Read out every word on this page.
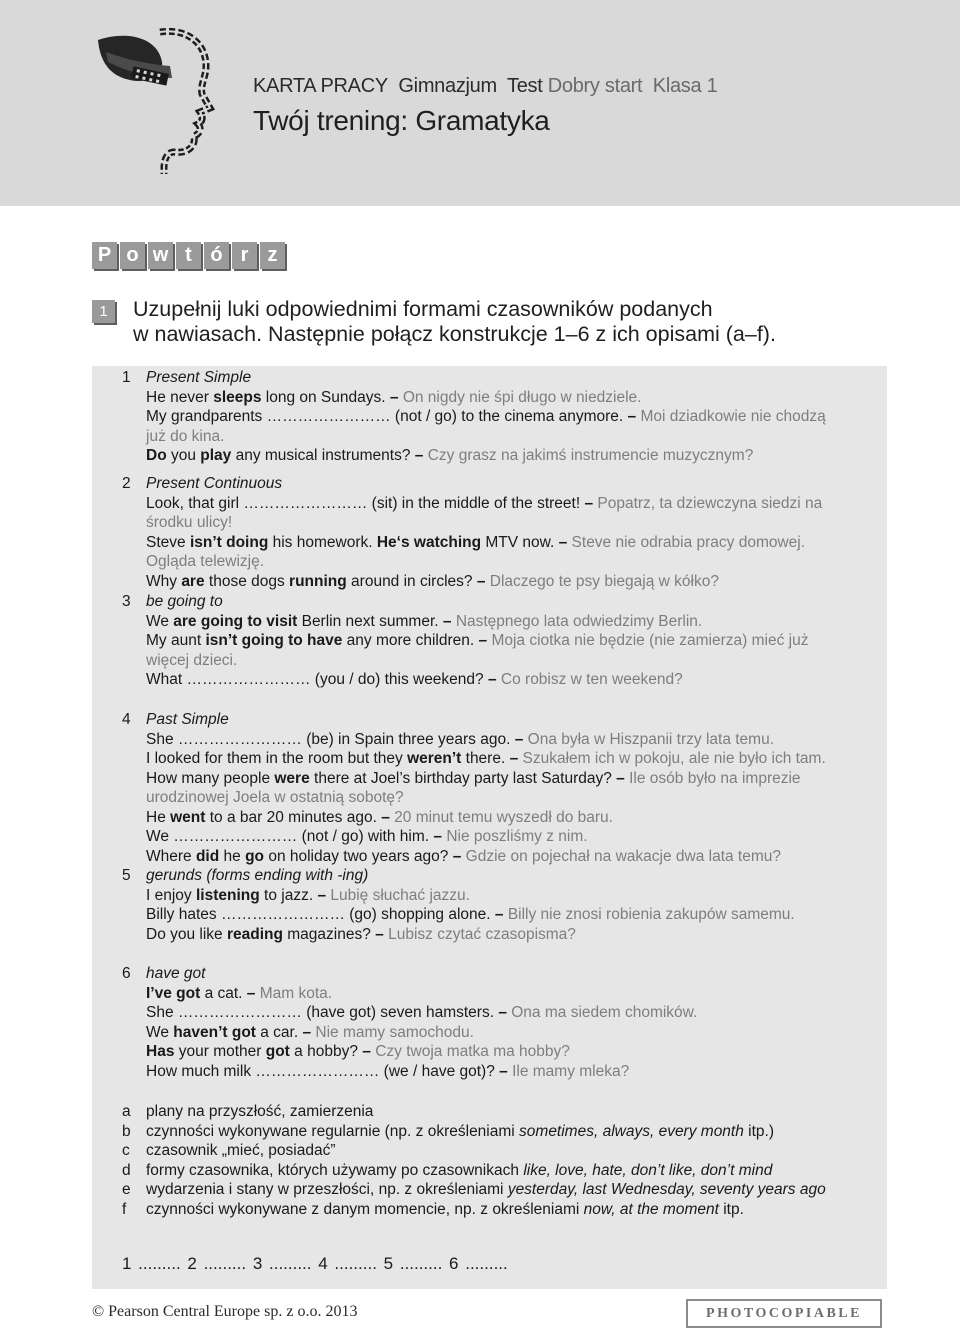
KARTA PRACY Gimnazjum Test Dobry start Klasa 1
Twój trening: Gramatyka
P o w t ó r z
1	Uzupełnij luki odpowiednimi formami czasowników podanych
w nawiasach. Następnie połącz konstrukcje 1–6 z ich opisami (a–f).
1 Present Simple
He never sleeps long on Sundays. – On nigdy nie śpi długo w niedziele.
My grandparents …………………… (not / go) to the cinema anymore. – Moi dziadkowie nie chodzą
już do kina.
Do you play any musical instruments? – Czy grasz na jakimś instrumencie muzycznym?
2 Present Continuous
Look, that girl …………………… (sit) in the middle of the street! – Popatrz, ta dziewczyna siedzi na
środku ulicy!
Steve isn’t doing his homework. He‘s watching MTV now. – Steve nie odrabia pracy domowej.
Ogląda telewizję.
Why are those dogs running around in circles? – Dlaczego te psy biegają w kółko?
3 be going to
We are going to visit Berlin next summer. – Następnego lata odwiedzimy Berlin.
My aunt isn’t going to have any more children. – Moja ciotka nie będzie (nie zamierza) mieć już
więcej dzieci.
What …………………… (you / do) this weekend? – Co robisz w ten weekend?
4 Past Simple
She …………………… (be) in Spain three years ago. – Ona była w Hiszpanii trzy lata temu.
I looked for them in the room but they weren’t there. – Szukałem ich w pokoju, ale nie było ich tam.
How many people were there at Joel’s birthday party last Saturday? – Ile osób było na imprezie
urodzinowej Joela w ostatnią sobotę?
He went to a bar 20 minutes ago. – 20 minut temu wyszedł do baru.
We …………………… (not / go) with him. – Nie poszliśmy z nim.
Where did he go on holiday two years ago? – Gdzie on pojechał na wakacje dwa lata temu?
5 gerunds (forms ending with -ing)
I enjoy listening to jazz. – Lubię słuchać jazzu.
Billy hates …………………… (go) shopping alone. – Billy nie znosi robienia zakupów samemu.
Do you like reading magazines? – Lubisz czytać czasopisma?
6 have got
I’ve got a cat. – Mam kota.
She …………………… (have got) seven hamsters. – Ona ma siedem chomików.
We haven’t got a car. – Nie mamy samochodu.
Has your mother got a hobby? – Czy twoja matka ma hobby?
How much milk …………………… (we / have got)? – Ile mamy mleka?
a plany na przyszłość, zamierzenia
b czynności wykonywane regularnie (np. z określeniami sometimes, always, every month itp.)
c	czasownik „mieć, posiadać”
d formy czasownika, których używamy po czasownikach like, love, hate, don’t like, don’t mind
e wydarzenia i stany w przeszłości, np. z określeniami yesterday, last Wednesday, seventy years ago
f	czynności wykonywane z danym momencie, np. z określeniami now, at the moment itp.
1 ......... 2 ......... 3 ......... 4 ......... 5 ......... 6 .........
© Pearson Central Europe sp. z o.o. 2013	PHOTOCOPIABLE
